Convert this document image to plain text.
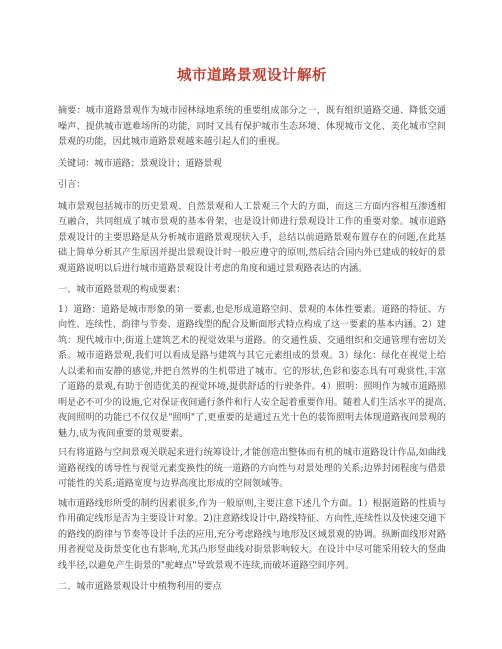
城市道路景观设计解析

摘要：城市道路景观作为城市园林绿地系统的重要组成部分之一，既有组织道路交通、降低交通噪声、提供城市遮难场所的功能，同时又具有保护城市生态环境、体现城市文化、美化城市空间景观的功能，因此城市道路景观越来越引起人们的重视。

关键词：城市道路；景观设计；道路景观

引言：

城市景观包括城市的历史景观、自然景观和人工景观三个大的方面，而这三方面内容相互渗透相互融合，共同组成了城市景观的基本骨架，也是设计师进行景观设计工作的重要对象。城市道路景观设计的主要思路是从分析城市道路景观现状入手，总结以前道路景观布置存在的问题,在此基础上简单分析其产生原因并提出景观设计时一般应遵守的原则,然后结合国内外已建成的较好的景观道路说明以后进行城市道路景观设计考虑的角度和通过景观路表达的内涵。

一、城市道路景观的构成要素：

1）道路：道路是城市形象的第一要素,也是形成道路空间、景观的本体性要素。道路的特征、方向性、连续性、韵律与节奏、道路线型的配合及断面形式特点构成了这一要素的基本内涵。2）建筑：现代城市中,街道上建筑艺术的视觉效果与道路。的交通性质、交通组织和交通管理有密切关系。城市道路景观,我们可以看成是路与建筑与其它元素组成的景观。3）绿化：绿化在视觉上给人以柔和而安静的感觉,并把自然界的生机带进了城市。它的形状,色彩和姿态具有可观赏性,丰富了道路的景观,有助于创造优美的视觉环境,提供舒适的行驶条件。4）照明：照明作为城市道路照明是必不可少的设施,它对保证夜间通行条件和行人安全起着重要作用。随着人们生活水平的提高,夜间照明的功能已不仅仅是"照明"了,更重要的是通过五光十色的装饰照明去体现道路夜间景观的魅力,成为夜间重要的景观要素。

只有将道路与空间景观关联起来进行统筹设计,才能创造出整体而有机的城市道路设计作品,如曲线道路视线的诱导性与视觉元素变换性的统一道路的方向性与对景处理的关系;边界封闭程度与借景可能性的关系;道路宽度与边界高度比形成的空间领域等。

城市道路线形所受的制约因素很多,作为一般原则,主要注意下述几个方面。1）根据道路的性质与作用确定线形是否为主要设计对象。2)注意路线设计中,路线特征、方向性,连续性以及快速交通下的路线的韵律与节奏等设计手法的应用,充分考虑路线与地形及区域景观的协调。纵断面线形对路用者视觉及街景变化也有影响,尤其凸形竖曲线对街景影响较大。在设计中尽可能采用较大的竖曲线半径,以避免产生街景的"驼峰点"导致景观不连续,而破坏道路空间序列。

二、城市道路景观设计中植物利用的要点
